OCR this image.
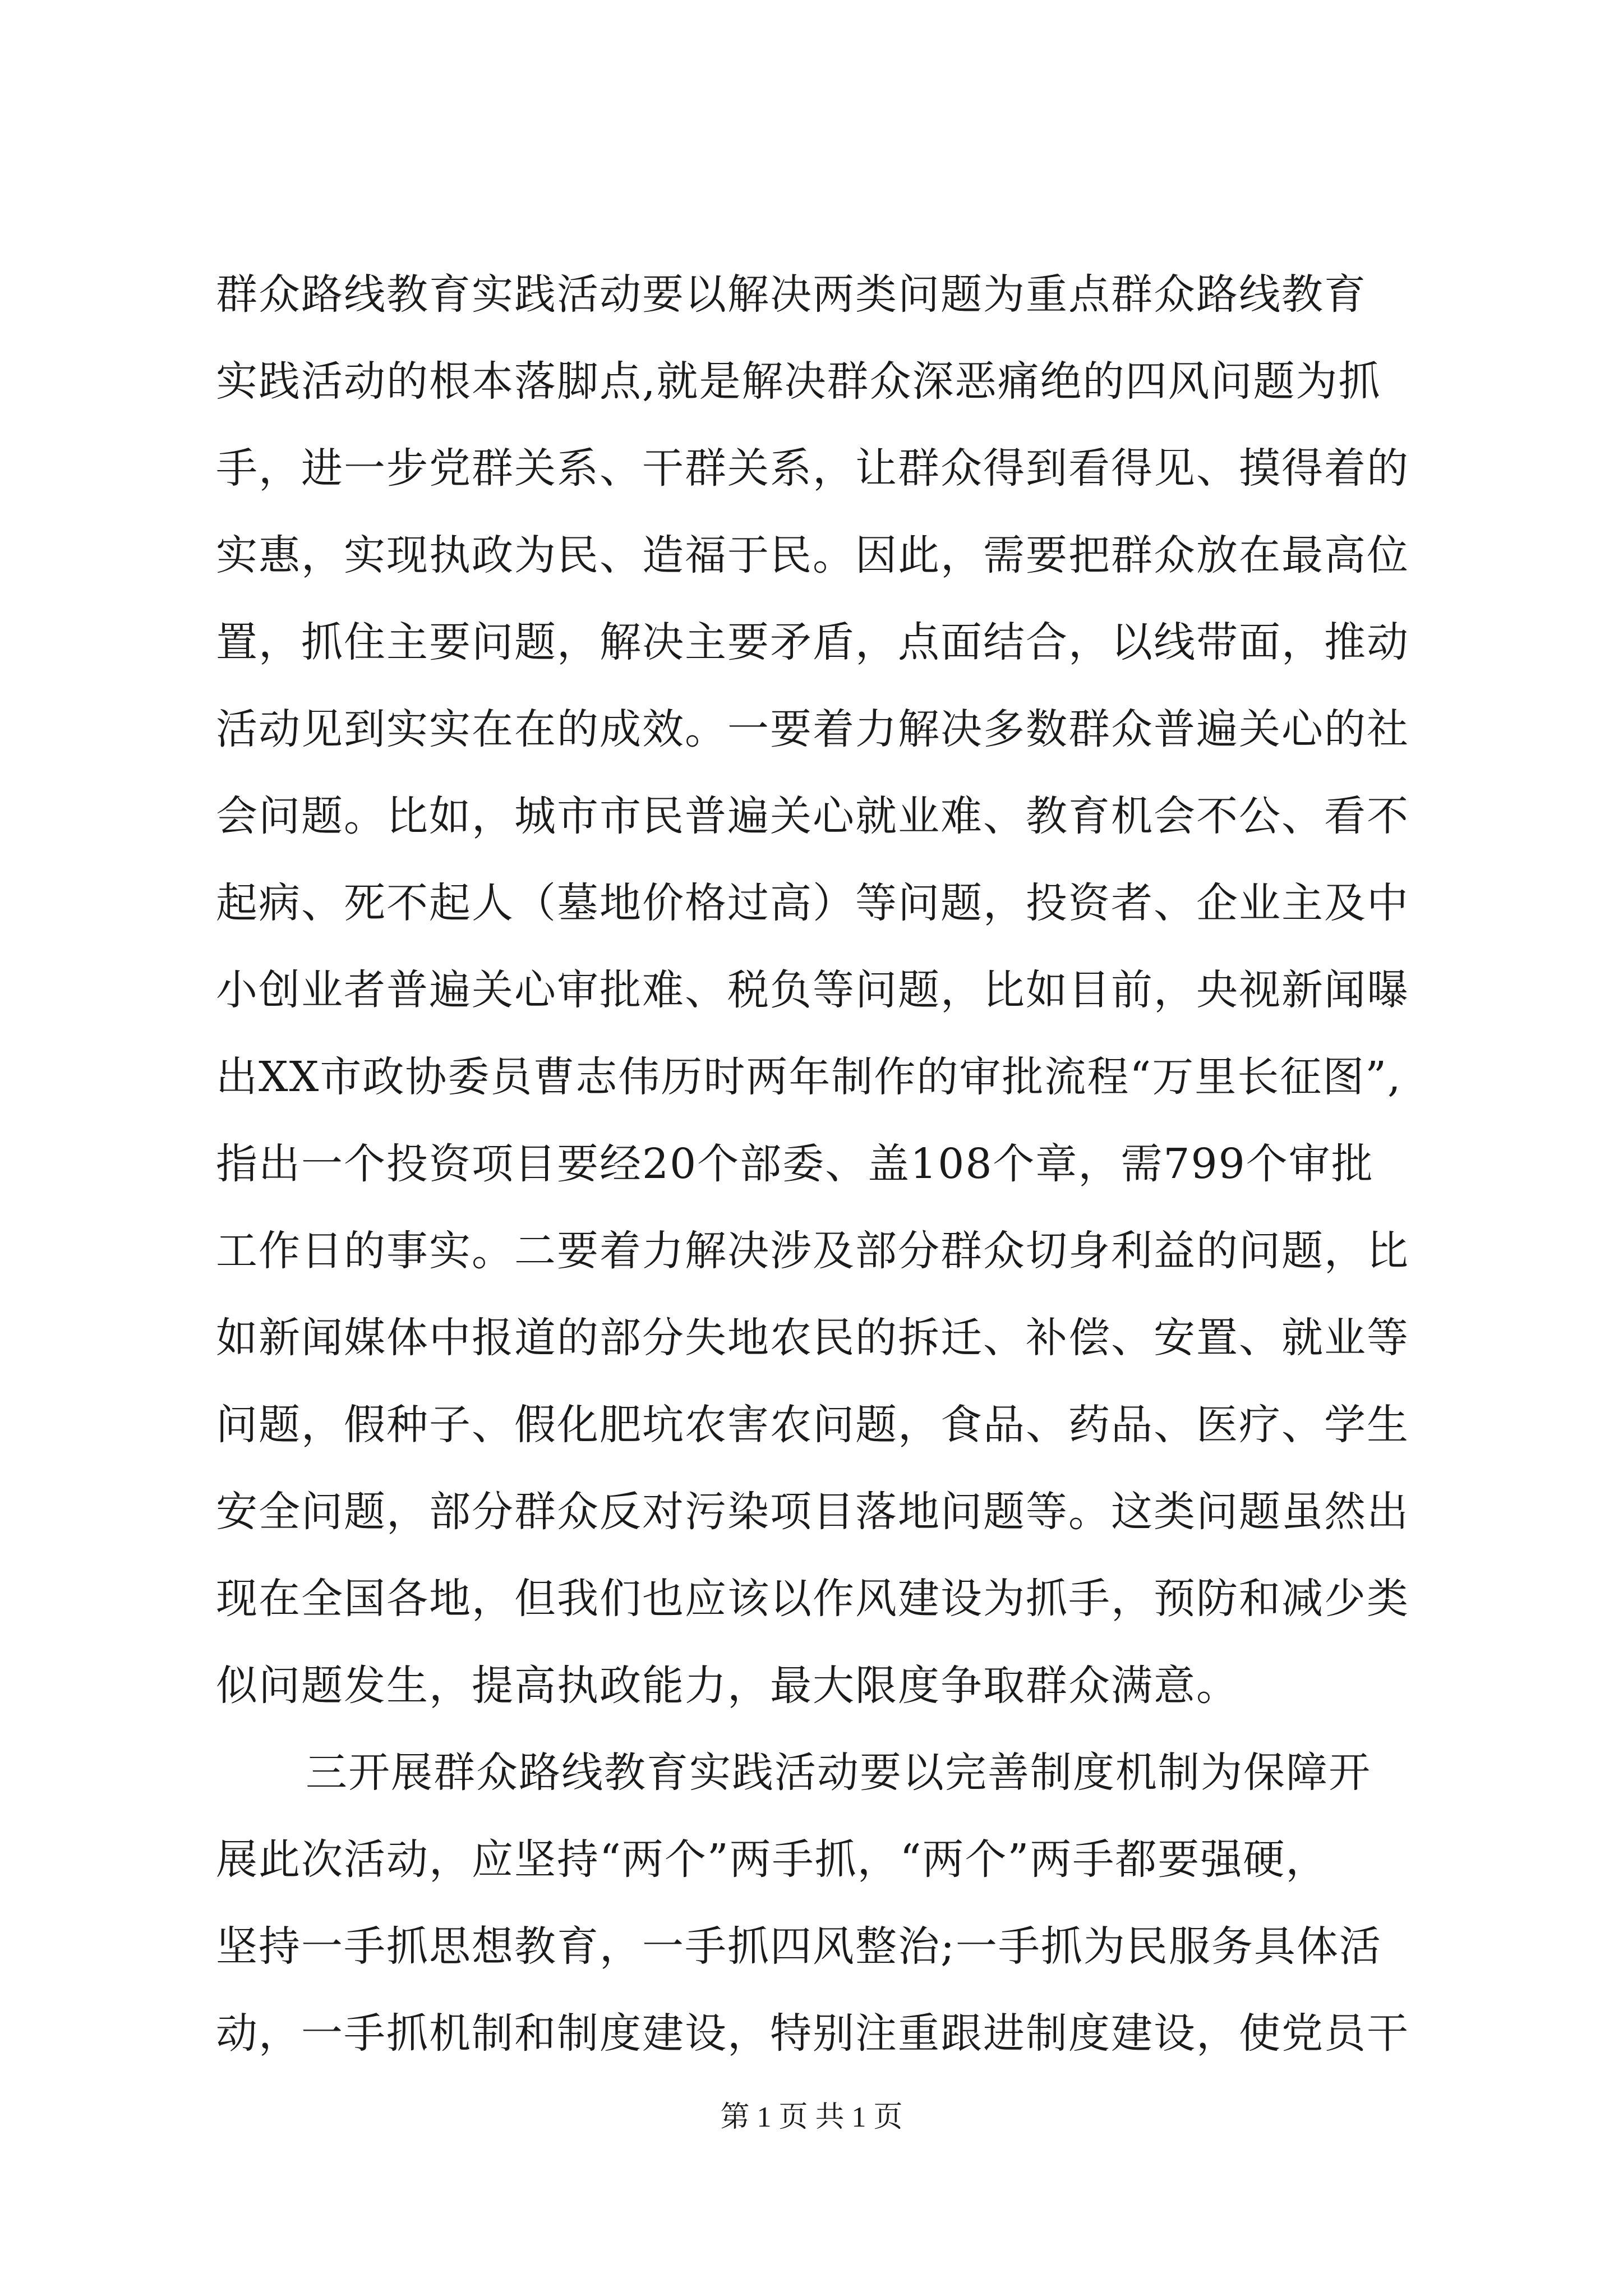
群众路线教育实践活动要以解决两类问题为重点群众路线教育
实践活动的根本落脚点,就是解决群众深恶痛绝的四风问题为抓
手，进一步党群关系、干群关系，让群众得到看得见、摸得着的
实惠，实现执政为民、造福于民。因此，需要把群众放在最高位
置，抓住主要问题，解决主要矛盾，点面结合，以线带面，推动
活动见到实实在在的成效。一要着力解决多数群众普遍关心的社
会问题。比如，城市市民普遍关心就业难、教育机会不公、看不
起病、死不起人（墓地价格过高）等问题，投资者、企业主及中
小创业者普遍关心审批难、税负等问题，比如目前，央视新闻曝
出XX市政协委员曹志伟历时两年制作的审批流程“万里长征图”,
指出一个投资项目要经20个部委、盖108个章，需799个审批
工作日的事实。二要着力解决涉及部分群众切身利益的问题，比
如新闻媒体中报道的部分失地农民的拆迁、补偿、安置、就业等
问题，假种子、假化肥坑农害农问题，食品、药品、医疗、学生
安全问题，部分群众反对污染项目落地问题等。这类问题虽然出
现在全国各地，但我们也应该以作风建设为抓手，预防和减少类
似问题发生，提高执政能力，最大限度争取群众满意。
三开展群众路线教育实践活动要以完善制度机制为保障开
展此次活动，应坚持“两个”两手抓，“两个”两手都要强硬，
坚持一手抓思想教育，一手抓四风整治;一手抓为民服务具体活
动，一手抓机制和制度建设，特别注重跟进制度建设，使党员干
第 1 页 共 1 页
